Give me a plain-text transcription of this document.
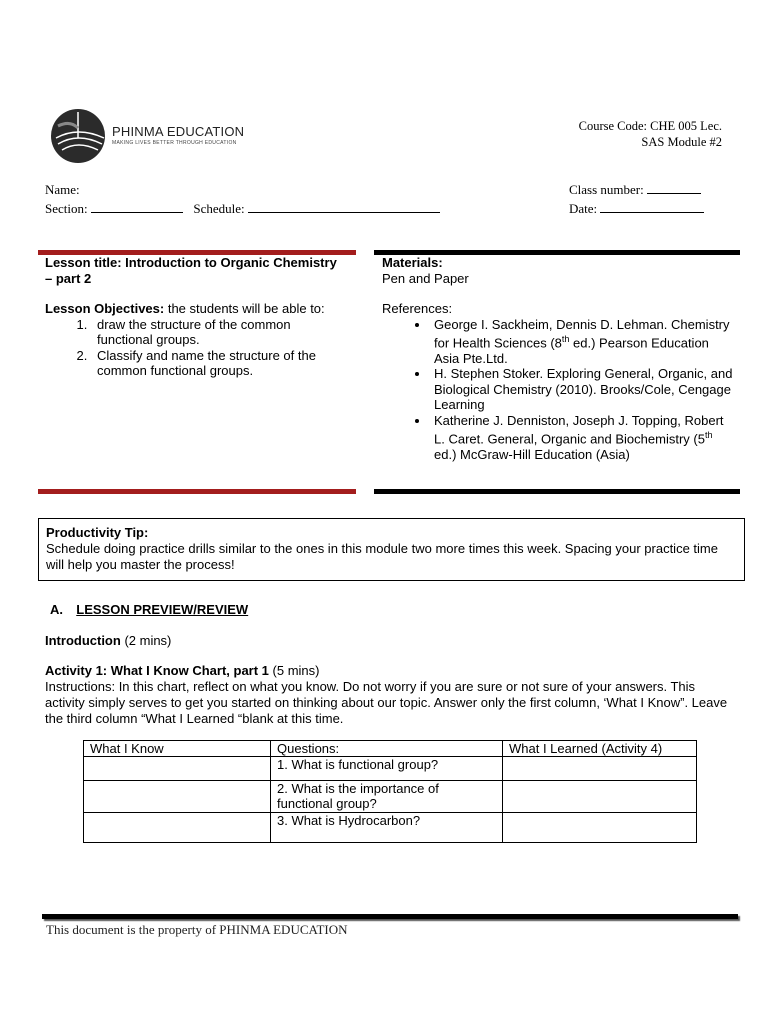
PHINMA EDUCATION
MAKING LIVES BETTER THROUGH EDUCATION
Course Code: CHE 005 Lec.
SAS Module #2
Name:
Section:	Schedule:
Class number:
Date:
Lesson title: Introduction to Organic Chemistry – part 2
Lesson Objectives: the students will be able to:
1. draw the structure of the common functional groups.
2. Classify and name the structure of the common functional groups.
Materials:
Pen and Paper
References:
• George I. Sackheim, Dennis D. Lehman. Chemistry for Health Sciences (8th ed.) Pearson Education Asia Pte.Ltd.
• H. Stephen Stoker. Exploring General, Organic, and Biological Chemistry (2010). Brooks/Cole, Cengage Learning
• Katherine J. Denniston, Joseph J. Topping, Robert L. Caret. General, Organic and Biochemistry (5th ed.) McGraw-Hill Education (Asia)
Productivity Tip:
Schedule doing practice drills similar to the ones in this module two more times this week. Spacing your practice time will help you master the process!
A. LESSON PREVIEW/REVIEW
Introduction (2 mins)
Activity 1: What I Know Chart, part 1 (5 mins)
Instructions: In this chart, reflect on what you know. Do not worry if you are sure or not sure of your answers. This activity simply serves to get you started on thinking about our topic. Answer only the first column, ‘What I Know”. Leave the third column “What I Learned “blank at this time.
What I Know	Questions:	What I Learned (Activity 4)
	1. What is functional group?	
	2. What is the importance of functional group?	
	3. What is Hydrocarbon?	
This document is the property of PHINMA EDUCATION
